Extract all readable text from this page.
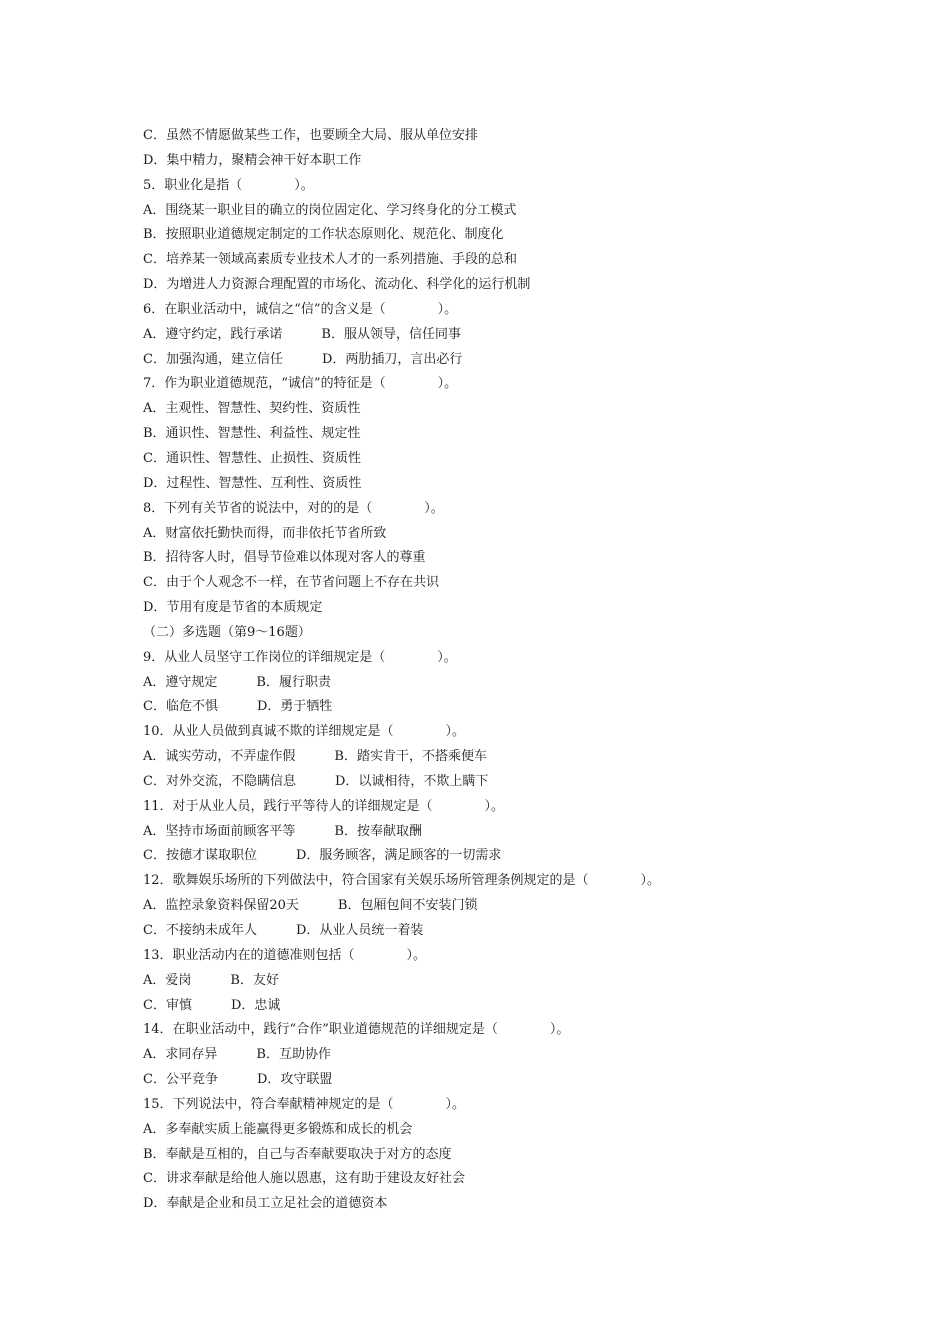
C．虽然不情愿做某些工作，也要顾全大局、服从单位安排
D．集中精力，聚精会神干好本职工作
5．职业化是指（　　　　）。
A．围绕某一职业目的确立的岗位固定化、学习终身化的分工模式
B．按照职业道德规定制定的工作状态原则化、规范化、制度化
C．培养某一领域高素质专业技术人才的一系列措施、手段的总和
D．为增进人力资源合理配置的市场化、流动化、科学化的运行机制
6．在职业活动中，诚信之“信”的含义是（　　　　）。
A．遵守约定，践行承诺　　　B．服从领导，信任同事
C．加强沟通，建立信任　　　D．两肋插刀，言出必行
7．作为职业道德规范，“诚信”的特征是（　　　　）。
A．主观性、智慧性、契约性、资质性
B．通识性、智慧性、利益性、规定性
C．通识性、智慧性、止损性、资质性
D．过程性、智慧性、互利性、资质性
8．下列有关节省的说法中，对的的是（　　　　）。
A．财富依托勤快而得，而非依托节省所致
B．招待客人时，倡导节俭难以体现对客人的尊重
C．由于个人观念不一样，在节省问题上不存在共识
D．节用有度是节省的本质规定
（二）多选题（第9～16题）
9．从业人员坚守工作岗位的详细规定是（　　　　）。
A．遵守规定　　　B．履行职责
C．临危不惧　　　D．勇于牺牲
10．从业人员做到真诚不欺的详细规定是（　　　　）。
A．诚实劳动，不弄虚作假　　　B．踏实肯干，不搭乘便车
C．对外交流，不隐瞒信息　　　D．以诚相待，不欺上瞒下
11．对于从业人员，践行平等待人的详细规定是（　　　　）。
A．坚持市场面前顾客平等　　　B．按奉献取酬
C．按德才谋取职位　　　D．服务顾客，满足顾客的一切需求
12．歌舞娱乐场所的下列做法中，符合国家有关娱乐场所管理条例规定的是（　　　　）。
A．监控录象资料保留20天　　　B．包厢包间不安装门锁
C．不接纳未成年人　　　D．从业人员统一着装
13．职业活动内在的道德准则包括（　　　　）。
A．爱岗　　　B．友好
C．审慎　　　D．忠诚
14．在职业活动中，践行“合作”职业道德规范的详细规定是（　　　　）。
A．求同存异　　　B．互助协作
C．公平竞争　　　D．攻守联盟
15．下列说法中，符合奉献精神规定的是（　　　　）。
A．多奉献实质上能赢得更多锻炼和成长的机会
B．奉献是互相的，自己与否奉献要取决于对方的态度
C．讲求奉献是给他人施以恩惠，这有助于建设友好社会
D．奉献是企业和员工立足社会的道德资本
